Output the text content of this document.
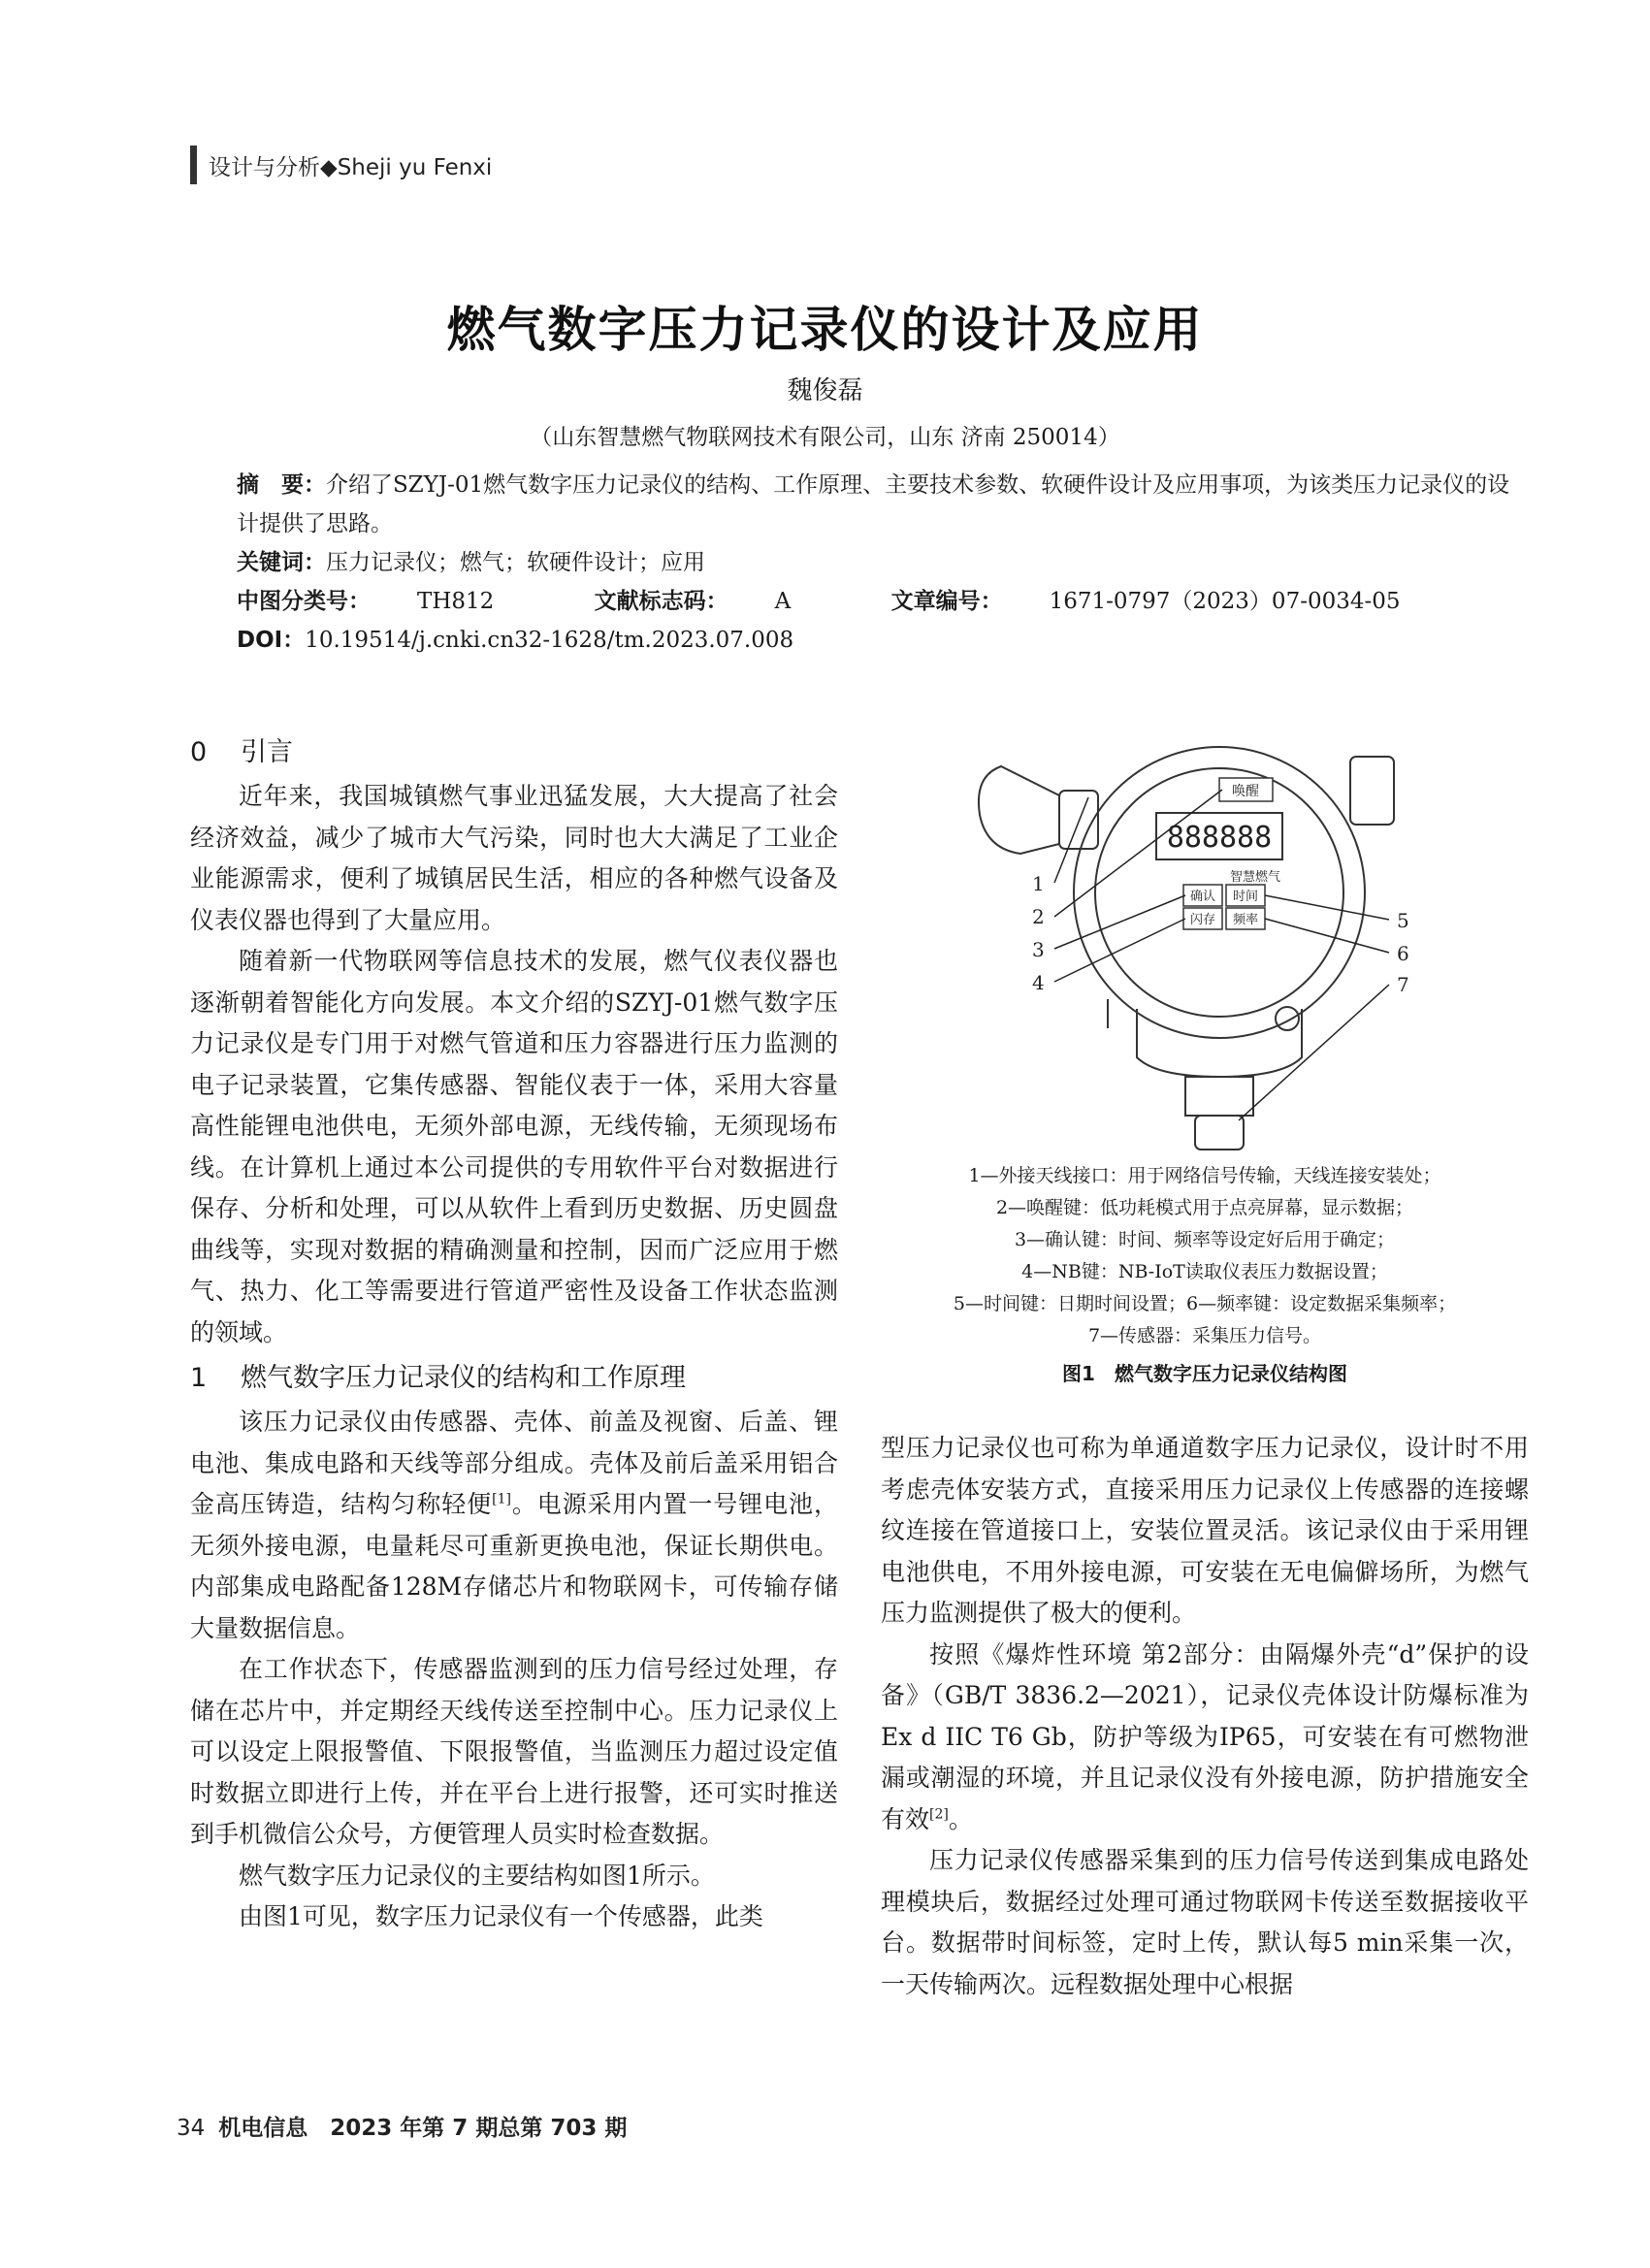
设计与分析◆Sheji yu Fenxi
燃气数字压力记录仪的设计及应用
魏俊磊
（山东智慧燃气物联网技术有限公司，山东 济南 250014）

摘　要：介绍了SZYJ-01燃气数字压力记录仪的结构、工作原理、主要技术参数、软硬件设计及应用事项，为该类压力记录仪的设计提供了思路。

关键词：压力记录仪；燃气；软硬件设计；应用

中图分类号： TH812	文献标志码： A	文章编号： 1671-0797（2023）07-0034-05

DOI：10.19514/j.cnki.cn32-1628/tm.2023.07.008

0 引言

近年来，我国城镇燃气事业迅猛发展，大大提高了社会经济效益，减少了城市大气污染，同时也大大满足了工业企业能源需求，便利了城镇居民生活，相应的各种燃气设备及仪表仪器也得到了大量应用。

随着新一代物联网等信息技术的发展，燃气仪表仪器也逐渐朝着智能化方向发展。本文介绍的SZYJ-01燃气数字压力记录仪是专门用于对燃气管道和压力容器进行压力监测的电子记录装置，它集传感器、智能仪表于一体，采用大容量高性能锂电池供电，无须外部电源，无线传输，无须现场布线。在计算机上通过本公司提供的专用软件平台对数据进行保存、分析和处理，可以从软件上看到历史数据、历史圆盘曲线等，实现对数据的精确测量和控制，因而广泛应用于燃气、热力、化工等需要进行管道严密性及设备工作状态监测的领域。

1 燃气数字压力记录仪的结构和工作原理

该压力记录仪由传感器、壳体、前盖及视窗、后盖、锂电池、集成电路和天线等部分组成。壳体及前后盖采用铝合金高压铸造，结构匀称轻便[1]。电源采用内置一号锂电池，无须外接电源，电量耗尽可重新更换电池，保证长期供电。内部集成电路配备128M存储芯片和物联网卡，可传输存储大量数据信息。

在工作状态下，传感器监测到的压力信号经过处理，存储在芯片中，并定期经天线传送至控制中心。压力记录仪上可以设定上限报警值、下限报警值，当监测压力超过设定值时数据立即进行上传，并在平台上进行报警，还可实时推送到手机微信公众号，方便管理人员实时检查数据。

燃气数字压力记录仪的主要结构如图1所示。

由图1可见，数字压力记录仪有一个传感器，此类

唤醒
888888
智慧燃气
确认 时间
闪存 频率
1
2
3
4
5
6
7
1—外接天线接口：用于网络信号传输，天线连接安装处；
2—唤醒键：低功耗模式用于点亮屏幕，显示数据；
3—确认键：时间、频率等设定好后用于确定；
4—NB键：NB-IoT读取仪表压力数据设置；
5—时间键：日期时间设置；6—频率键：设定数据采集频率；
7—传感器：采集压力信号。
图1　燃气数字压力记录仪结构图

型压力记录仪也可称为单通道数字压力记录仪，设计时不用考虑壳体安装方式，直接采用压力记录仪上传感器的连接螺纹连接在管道接口上，安装位置灵活。该记录仪由于采用锂电池供电，不用外接电源，可安装在无电偏僻场所，为燃气压力监测提供了极大的便利。

按照《爆炸性环境 第2部分：由隔爆外壳“d”保护的设备》（GB/T 3836.2—2021），记录仪壳体设计防爆标准为Ex d IIC T6 Gb，防护等级为IP65，可安装在有可燃物泄漏或潮湿的环境，并且记录仪没有外接电源，防护措施安全有效[2]。

压力记录仪传感器采集到的压力信号传送到集成电路处理模块后，数据经过处理可通过物联网卡传送至数据接收平台。数据带时间标签，定时上传，默认每5 min采集一次，一天传输两次。远程数据处理中心根据

34 机电信息　2023 年第 7 期总第 703 期
